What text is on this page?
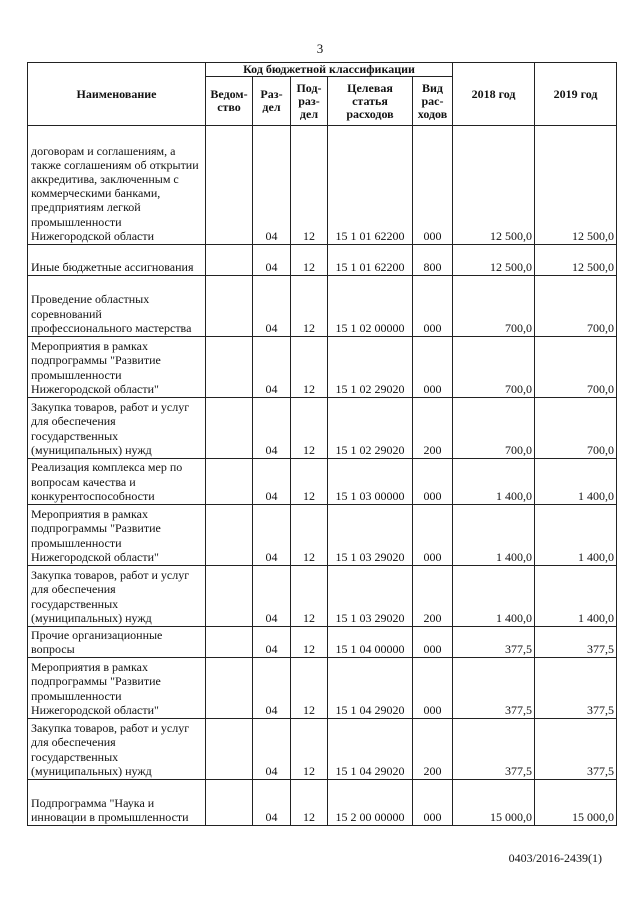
3
Наименование	Код бюджетной классификации					2018 год	2019 год
	Ведом-ство	Раз-дел	Под-раз-дел	Целевая статья расходов	Вид рас-ходов		
договорам и соглашениям, а также соглашениям об открытии аккредитива, заключенным с коммерческими банками, предприятиям легкой промышленности Нижегородской области		04	12	15 1 01 62200	000	12 500,0	12 500,0
Иные бюджетные ассигнования		04	12	15 1 01 62200	800	12 500,0	12 500,0
Проведение областных соревнований профессионального мастерства		04	12	15 1 02 00000	000	700,0	700,0
Мероприятия в рамках подпрограммы "Развитие промышленности Нижегородской области"		04	12	15 1 02 29020	000	700,0	700,0
Закупка товаров, работ и услуг для обеспечения государственных (муниципальных) нужд		04	12	15 1 02 29020	200	700,0	700,0
Реализация комплекса мер по вопросам качества и конкурентоспособности		04	12	15 1 03 00000	000	1 400,0	1 400,0
Мероприятия в рамках подпрограммы "Развитие промышленности Нижегородской области"		04	12	15 1 03 29020	000	1 400,0	1 400,0
Закупка товаров, работ и услуг для обеспечения государственных (муниципальных) нужд		04	12	15 1 03 29020	200	1 400,0	1 400,0
Прочие организационные вопросы		04	12	15 1 04 00000	000	377,5	377,5
Мероприятия в рамках подпрограммы "Развитие промышленности Нижегородской области"		04	12	15 1 04 29020	000	377,5	377,5
Закупка товаров, работ и услуг для обеспечения государственных (муниципальных) нужд		04	12	15 1 04 29020	200	377,5	377,5
Подпрограмма "Наука и инновации в промышленности		04	12	15 2 00 00000	000	15 000,0	15 000,0
0403/2016-2439(1)
